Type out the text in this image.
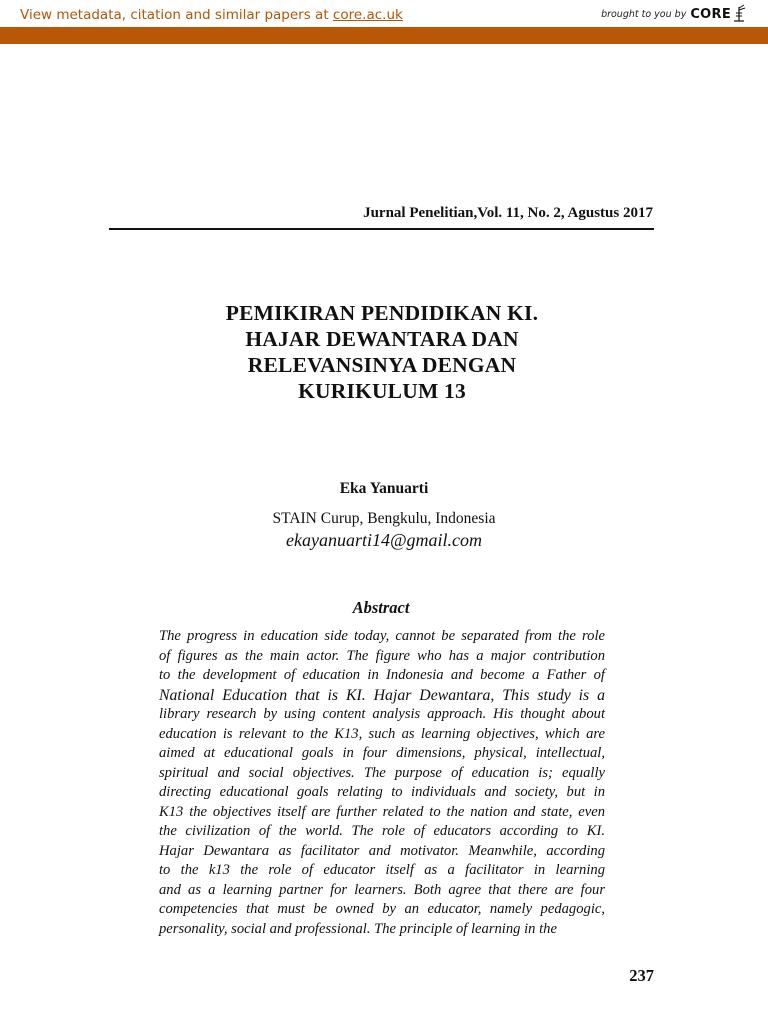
View metadata, citation and similar papers at core.ac.uk	brought to you by CORE
Jurnal Penelitian,Vol. 11, No. 2, Agustus 2017
PEMIKIRAN PENDIDIKAN KI.
HAJAR DEWANTARA DAN
RELEVANSINYA DENGAN
KURIKULUM 13
Eka Yanuarti
STAIN Curup, Bengkulu, Indonesia
ekayanuarti14@gmail.com
Abstract
The progress in education side today, cannot be separated from the role
of figures as the main actor. The figure who has a major contribution
to the development of education in Indonesia and become a Father of
National Education that is KI. Hajar Dewantara, This study is a
library research by using content analysis approach. His thought about
education is relevant to the K13, such as learning objectives, which are
aimed at educational goals in four dimensions, physical, intellectual,
spiritual and social objectives. The purpose of education is; equally
directing educational goals relating to individuals and society, but in
K13 the objectives itself are further related to the nation and state, even
the civilization of the world. The role of educators according to KI.
Hajar Dewantara as facilitator and motivator. Meanwhile, according
to the k13 the role of educator itself as a facilitator in learning
and as a learning partner for learners. Both agree that there are four
competencies that must be owned by an educator, namely pedagogic,
personality, social and professional. The principle of learning in the
237
